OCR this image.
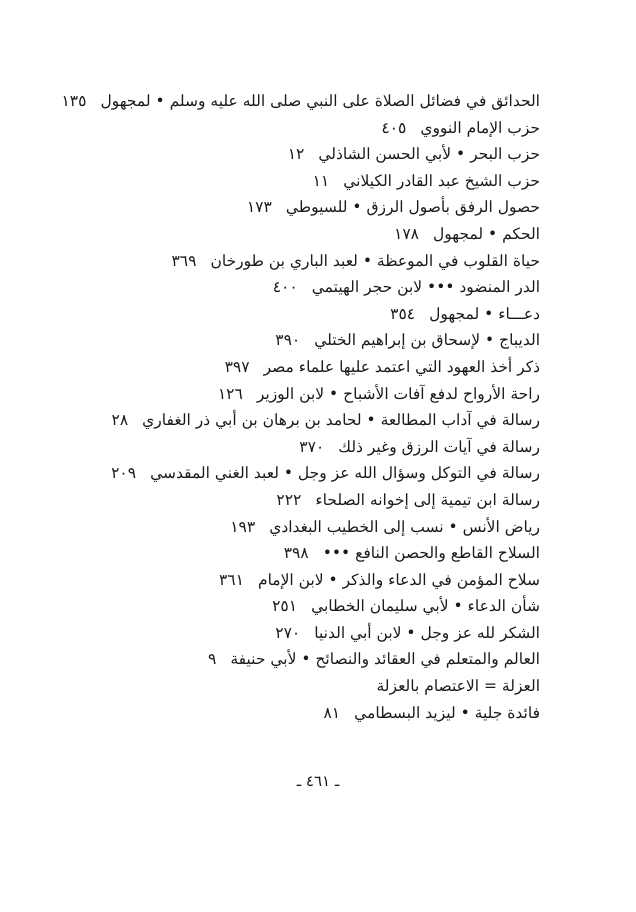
الحدائق في فضائل الصلاة على النبي صلى الله عليه وسلم • لمجهول١٣٥
حزب الإمام النووي٤٠٥
حزب البحر • لأبي الحسن الشاذلي١٢
حزب الشيخ عبد القادر الكيلاني١١
حصول الرفق بأصول الرزق • للسيوطي١٧٣
الحكم • لمجهول١٧٨
حياة القلوب في الموعظة • لعبد الباري بن طورخان٣٦٩
الدر المنضود ••• لابن حجر الهيتمي٤٠٠
دعـــاء • لمجهول٣٥٤
الديباج • لإسحاق بن إبراهيم الختلي٣٩٠
ذكر أخذ العهود التي اعتمد عليها علماء مصر٣٩٧
راحة الأرواح لدفع آفات الأشباح • لابن الوزير١٢٦
رسالة في آداب المطالعة • لحامد بن برهان بن أبي ذر الغفاري٢٨
رسالة في آيات الرزق وغير ذلك٣٧٠
رسالة في التوكل وسؤال الله عز وجل • لعبد الغني المقدسي٢٠٩
رسالة ابن تيمية إلى إخوانه الصلحاء٢٢٢
رياض الأنس • نسب إلى الخطيب البغدادي١٩٣
السلاح القاطع والحصن النافع •••٣٩٨
سلاح المؤمن في الدعاء والذكر • لابن الإمام٣٦١
شأن الدعاء • لأبي سليمان الخطابي٢٥١
الشكر لله عز وجل • لابن أبي الدنيا٢٧٠
العالم والمتعلم في العقائد والنصائح • لأبي حنيفة٩
العزلة = الاعتصام بالعزلة
فائدة جلية • ليزيد البسطامي٨١
ـ ٤٦١ ـ
